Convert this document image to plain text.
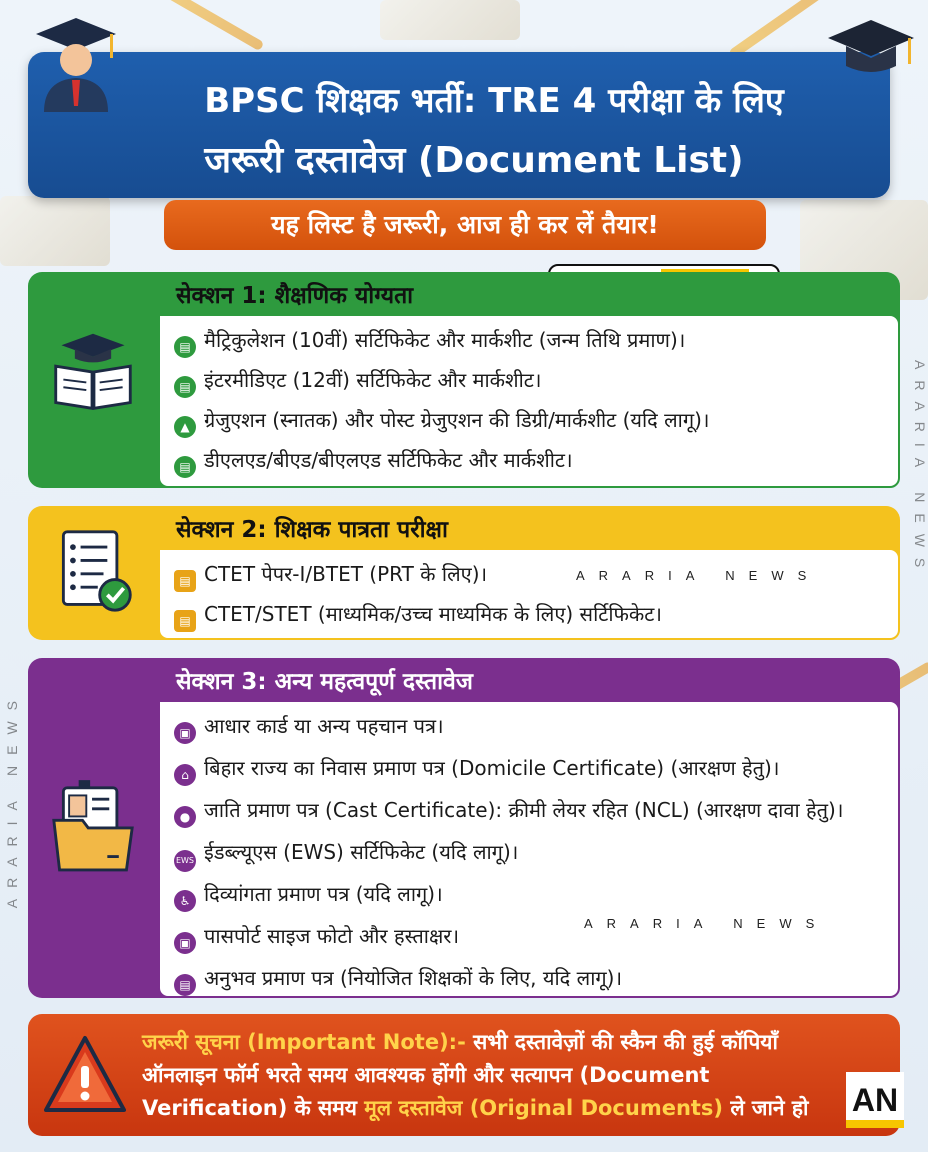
BPSC शिक्षक भर्ती: TRE 4 परीक्षा के लिए
जरूरी दस्तावेज (Document List)
यह लिस्ट है जरूरी, आज ही कर लें तैयार!
सेक्शन 1: शैक्षणिक योग्यता
▤ मैट्रिकुलेशन (10वीं) सर्टिफिकेट और मार्कशीट (जन्म तिथि प्रमाण)।
▤ इंटरमीडिएट (12वीं) सर्टिफिकेट और मार्कशीट।
▲ ग्रेजुएशन (स्नातक) और पोस्ट ग्रेजुएशन की डिग्री/मार्कशीट (यदि लागू)।
▤ डीएलएड/बीएड/बीएलएड सर्टिफिकेट और मार्कशीट।
सेक्शन 2: शिक्षक पात्रता परीक्षा
▤ CTET पेपर-I/BTET (PRT के लिए)।
▤ CTET/STET (माध्यमिक/उच्च माध्यमिक के लिए) सर्टिफिकेट।
ARARIA NEWS
सेक्शन 3: अन्य महत्वपूर्ण दस्तावेज
▣ आधार कार्ड या अन्य पहचान पत्र।
⌂ बिहार राज्य का निवास प्रमाण पत्र (Domicile Certificate) (आरक्षण हेतु)।
● जाति प्रमाण पत्र (Cast Certificate): क्रीमी लेयर रहित (NCL) (आरक्षण दावा हेतु)।
EWS ईडब्ल्यूएस (EWS) सर्टिफिकेट (यदि लागू)।
♿ दिव्यांगता प्रमाण पत्र (यदि लागू)।
▣ पासपोर्ट साइज फोटो और हस्ताक्षर।
▤ अनुभव प्रमाण पत्र (नियोजित शिक्षकों के लिए, यदि लागू)।
ARARIA NEWS
जरूरी सूचना (Important Note):- सभी दस्तावेज़ों की स्कैन की हुई कॉपियाँ ऑनलाइन फॉर्म भरते समय आवश्यक होंगी और सत्यापन (Document Verification) के समय मूल दस्तावेज (Original Documents) ले जाने हो	AN
ARARIA NEWS
ARARIA NEWS
